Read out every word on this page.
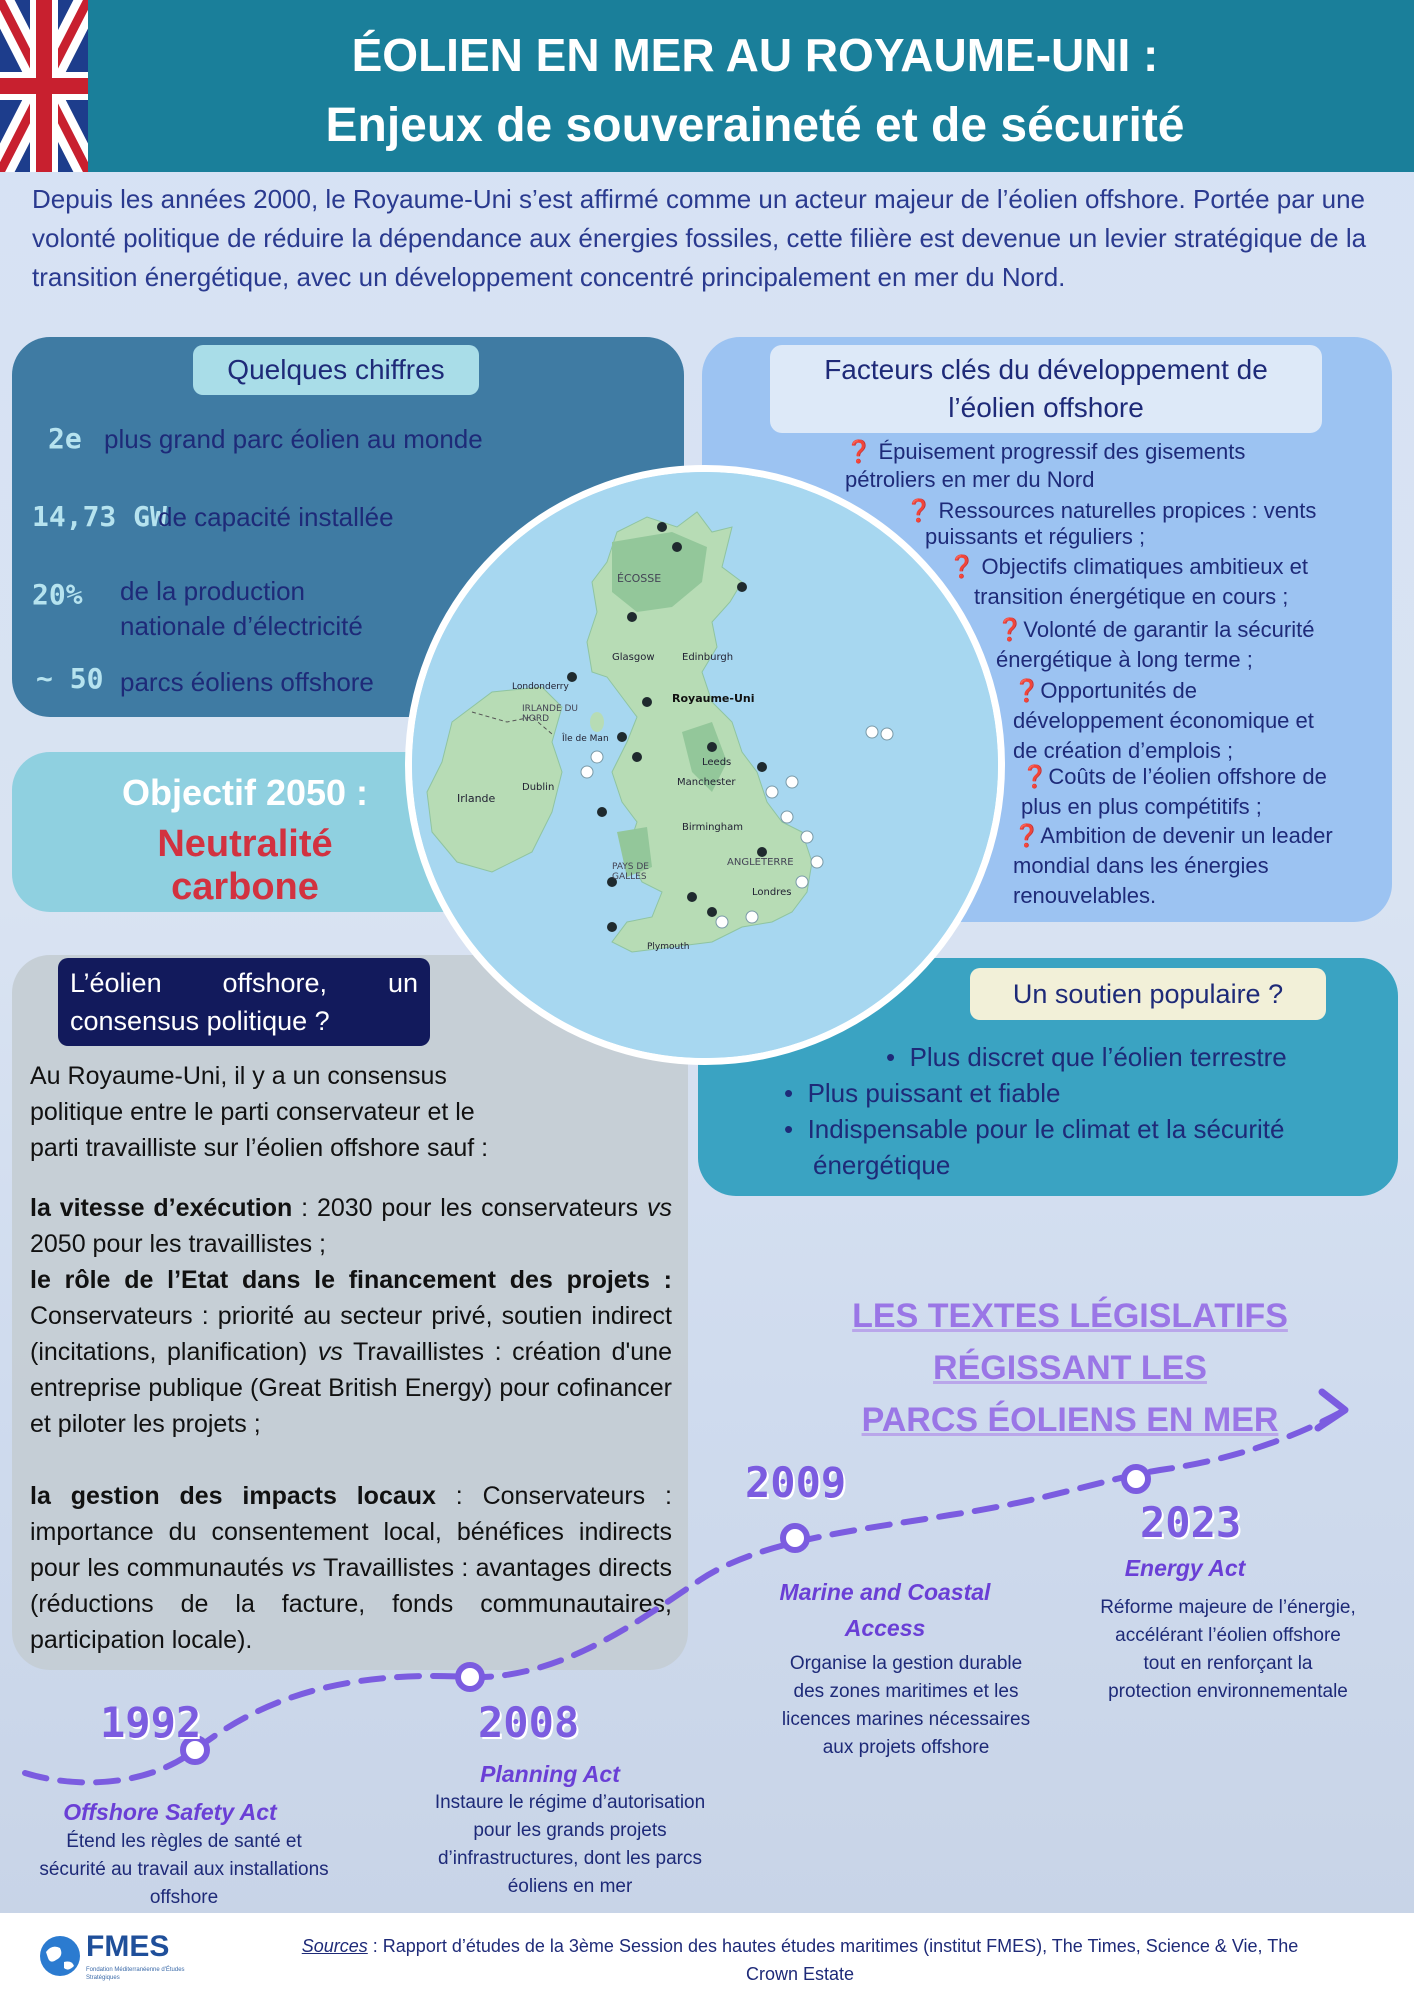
ÉOLIEN EN MER AU ROYAUME-UNI :
Enjeux de souveraineté et de sécurité
Depuis les années 2000, le Royaume-Uni s’est affirmé comme un acteur majeur de l’éolien offshore. Portée par une volonté politique de réduire la dépendance aux énergies fossiles, cette filière est devenue un levier stratégique de la transition énergétique, avec un développement concentré principalement en mer du Nord.
Quelques chiffres
2e plus grand parc éolien au monde
14,73 GW
de capacité installée
20% de la production
nationale d’électricité
~ 50 parcs éoliens offshore
Objectif 2050 :
Neutralité carbone
Facteurs clés du développement de
l’éolien offshore
❓ Épuisement progressif des gisements
pétroliers en mer du Nord
❓ Ressources naturelles propices : vents
puissants et réguliers ;
❓ Objectifs climatiques ambitieux et
transition énergétique en cours ;
❓Volonté de garantir la sécurité
énergétique à long terme ;
❓Opportunités de
développement économique et
de création d’emplois ;
❓Coûts de l’éolien offshore de
plus en plus compétitifs ;
❓Ambition de devenir un leader
mondial dans les énergies
renouvelables.
L’éolien offshore, un
consensus politique ?
Au Royaume-Uni, il y a un consensus
politique entre le parti conservateur et le
parti travailliste sur l’éolien offshore sauf :
la vitesse d’exécution : 2030 pour les conservateurs vs 2050 pour les travaillistes ;
le rôle de l’Etat dans le financement des projets : Conservateurs : priorité au secteur privé, soutien indirect (incitations, planification) vs Travaillistes : création d'une entreprise publique (Great British Energy) pour cofinancer et piloter les projets ;
la gestion des impacts locaux : Conservateurs : importance du consentement local, bénéfices indirects pour les communautés vs Travaillistes : avantages directs (réductions de la facture, fonds communautaires, participation locale).
Un soutien populaire ?
• Plus discret que l’éolien terrestre
• Plus puissant et fiable
• Indispensable pour le climat et la sécurité
énergétique
ÉCOSSE
Edinburgh
Glasgow
Royaume-Uni
IRLANDE DU NORD
Île de Man
Londonderry
Dublin
Irlande
Leeds
Manchester
Birmingham
ANGLETERRE
PAYS DE GALLES
Londres
Plymouth
LES TEXTES LÉGISLATIFS RÉGISSANT LES
PARCS ÉOLIENS EN MER
1992
Offshore Safety Act
Étend les règles de santé et
sécurité au travail aux installations
offshore
2008
Planning Act
Instaure le régime d’autorisation
pour les grands projets
d’infrastructures, dont les parcs
éoliens en mer
2009
Marine and Coastal
Access
Organise la gestion durable
des zones maritimes et les
licences marines nécessaires
aux projets offshore
2023
Energy Act
Réforme majeure de l’énergie,
accélérant l’éolien offshore
tout en renforçant la
protection environnementale
FMES
Fondation Méditerranéenne d'Études Stratégiques
Sources : Rapport d’études de la 3ème Session des hautes études maritimes (institut FMES), The Times, Science & Vie, The
Crown Estate
